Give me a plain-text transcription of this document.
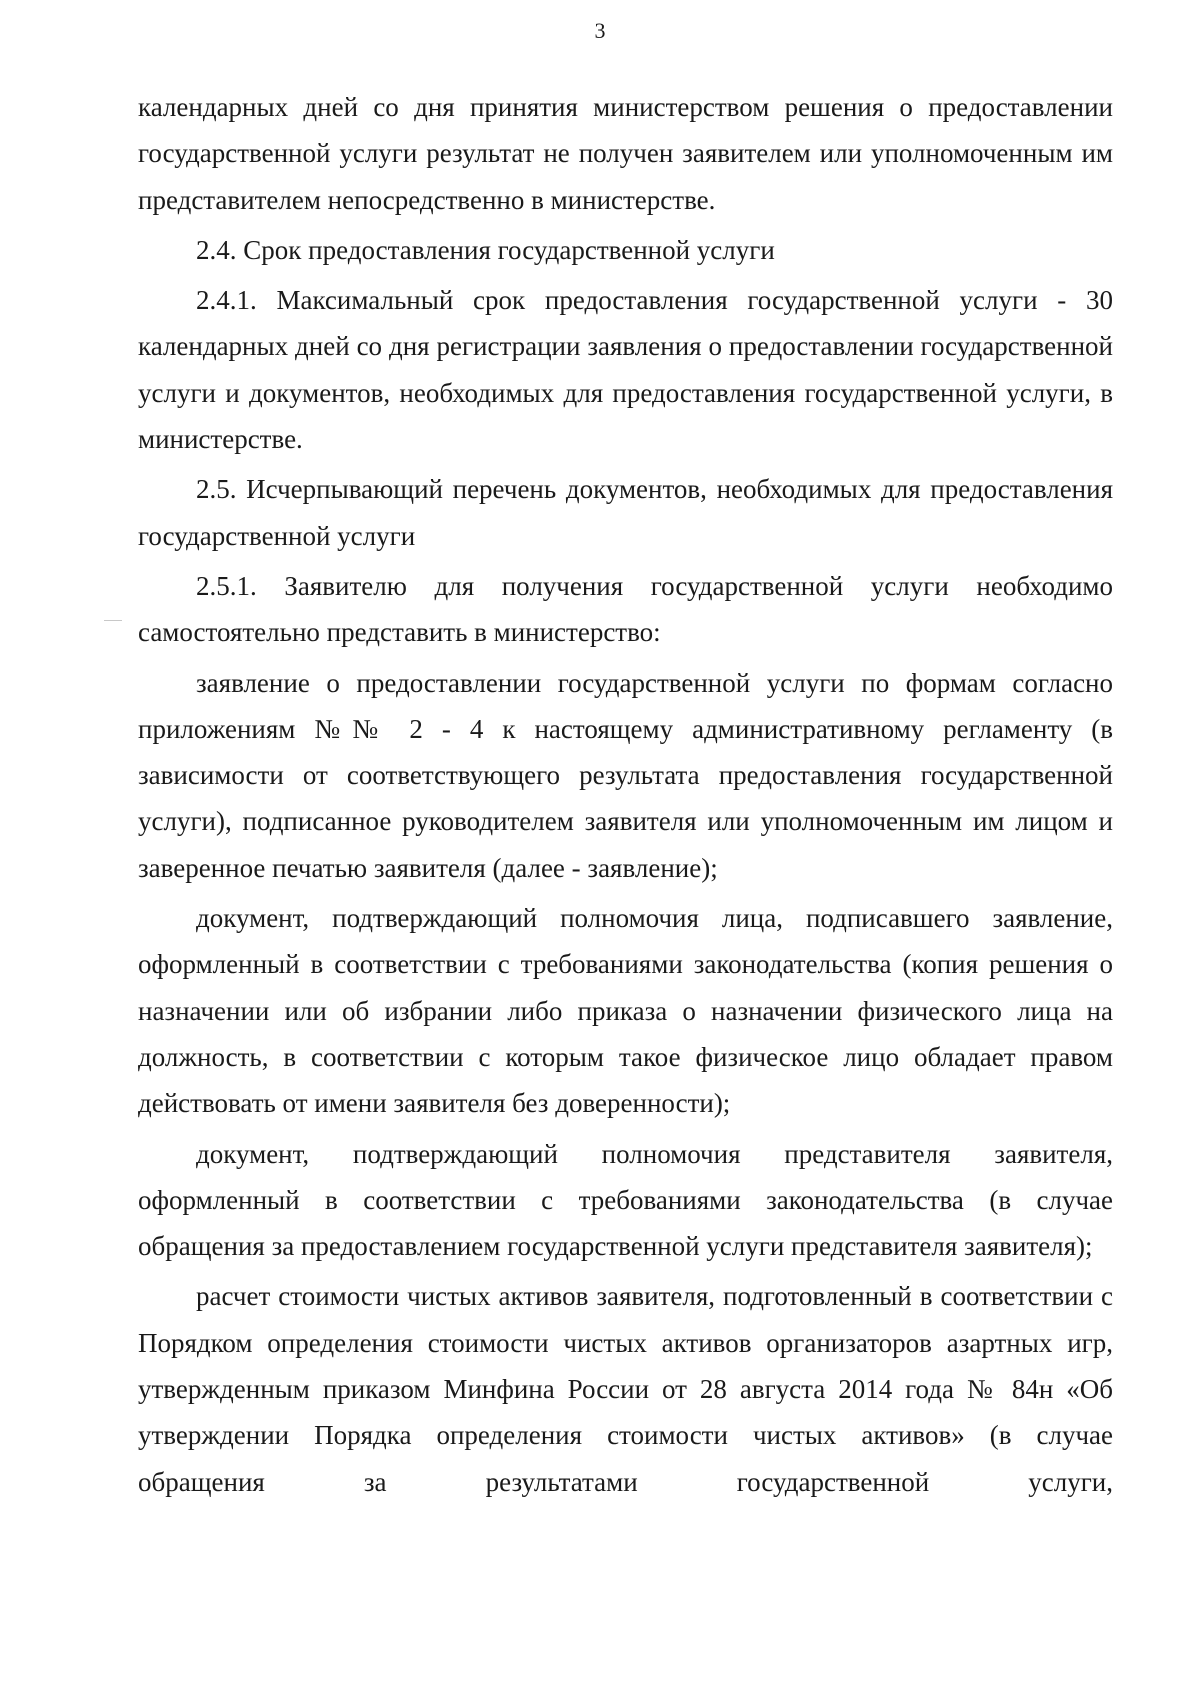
3

календарных дней со дня принятия министерством решения о предоставлении государственной услуги результат не получен заявителем или уполномоченным им представителем непосредственно в министерстве.

2.4. Срок предоставления государственной услуги

2.4.1. Максимальный срок предоставления государственной услуги - 30 календарных дней со дня регистрации заявления о предоставлении государственной услуги и документов, необходимых для предоставления государственной услуги, в министерстве.

2.5. Исчерпывающий перечень документов, необходимых для предоставления государственной услуги

2.5.1. Заявителю для получения государственной услуги необходимо самостоятельно представить в министерство:

заявление о предоставлении государственной услуги по формам согласно приложениям №№ 2 - 4 к настоящему административному регламенту (в зависимости от соответствующего результата предоставления государственной услуги), подписанное руководителем заявителя или уполномоченным им лицом и заверенное печатью заявителя (далее - заявление);

документ, подтверждающий полномочия лица, подписавшего заявление, оформленный в соответствии с требованиями законодательства (копия решения о назначении или об избрании либо приказа о назначении физического лица на должность, в соответствии с которым такое физическое лицо обладает правом действовать от имени заявителя без доверенности);

документ, подтверждающий полномочия представителя заявителя, оформленный в соответствии с требованиями законодательства (в случае обращения за предоставлением государственной услуги представителя заявителя);

расчет стоимости чистых активов заявителя, подготовленный в соответствии с Порядком определения стоимости чистых активов организаторов азартных игр, утвержденным приказом Минфина России от 28 августа 2014 года № 84н «Об утверждении Порядка определения стоимости чистых активов» (в случае обращения за результатами государственной услуги,
